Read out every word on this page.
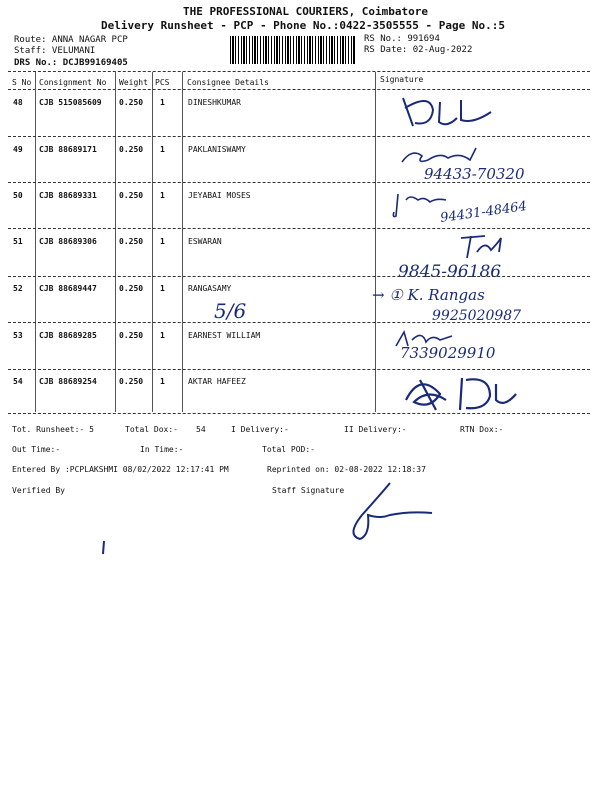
THE PROFESSIONAL COURIERS, Coimbatore
Delivery Runsheet - PCP - Phone No.:0422-3505555 - Page No.:5
Route: ANNA NAGAR PCP
Staff: VELUMANI
DRS No.: DCJB99169405
RS No.: 991694
RS Date: 02-Aug-2022
S No Consignment No Weight PCS Consignee Details	Signature
48 CJB 515085609 0.250 1	DINESHKUMAR
49 CJB 88689171	0.250 1	PAKLANISWAMY
94433-70320
50 CJB 88689331	0.250 1	JEYABAI MOSES
94431-48464
51 CJB 88689306	0.250 1	ESWARAN
9845-96186
52 CJB 88689447	0.250 1	RANGASAMY
5/6
→ ① K. Rangas
9925020987
53 CJB 88689285	0.250 1	EARNEST WILLIAM
7339029910
54 CJB 88689254	0.250 1	AKTAR HAFEEZ
Tot. Runsheet:- 5	Total Dox:- 54	I Delivery:-	II Delivery:-	RTN Dox:-
Out Time:-	In Time:-	Total POD:-
Entered By :PCPLAKSHMI 08/02/2022 12:17:41 PM	Reprinted on: 02-08-2022 12:18:37
Verified By	Staff Signature
